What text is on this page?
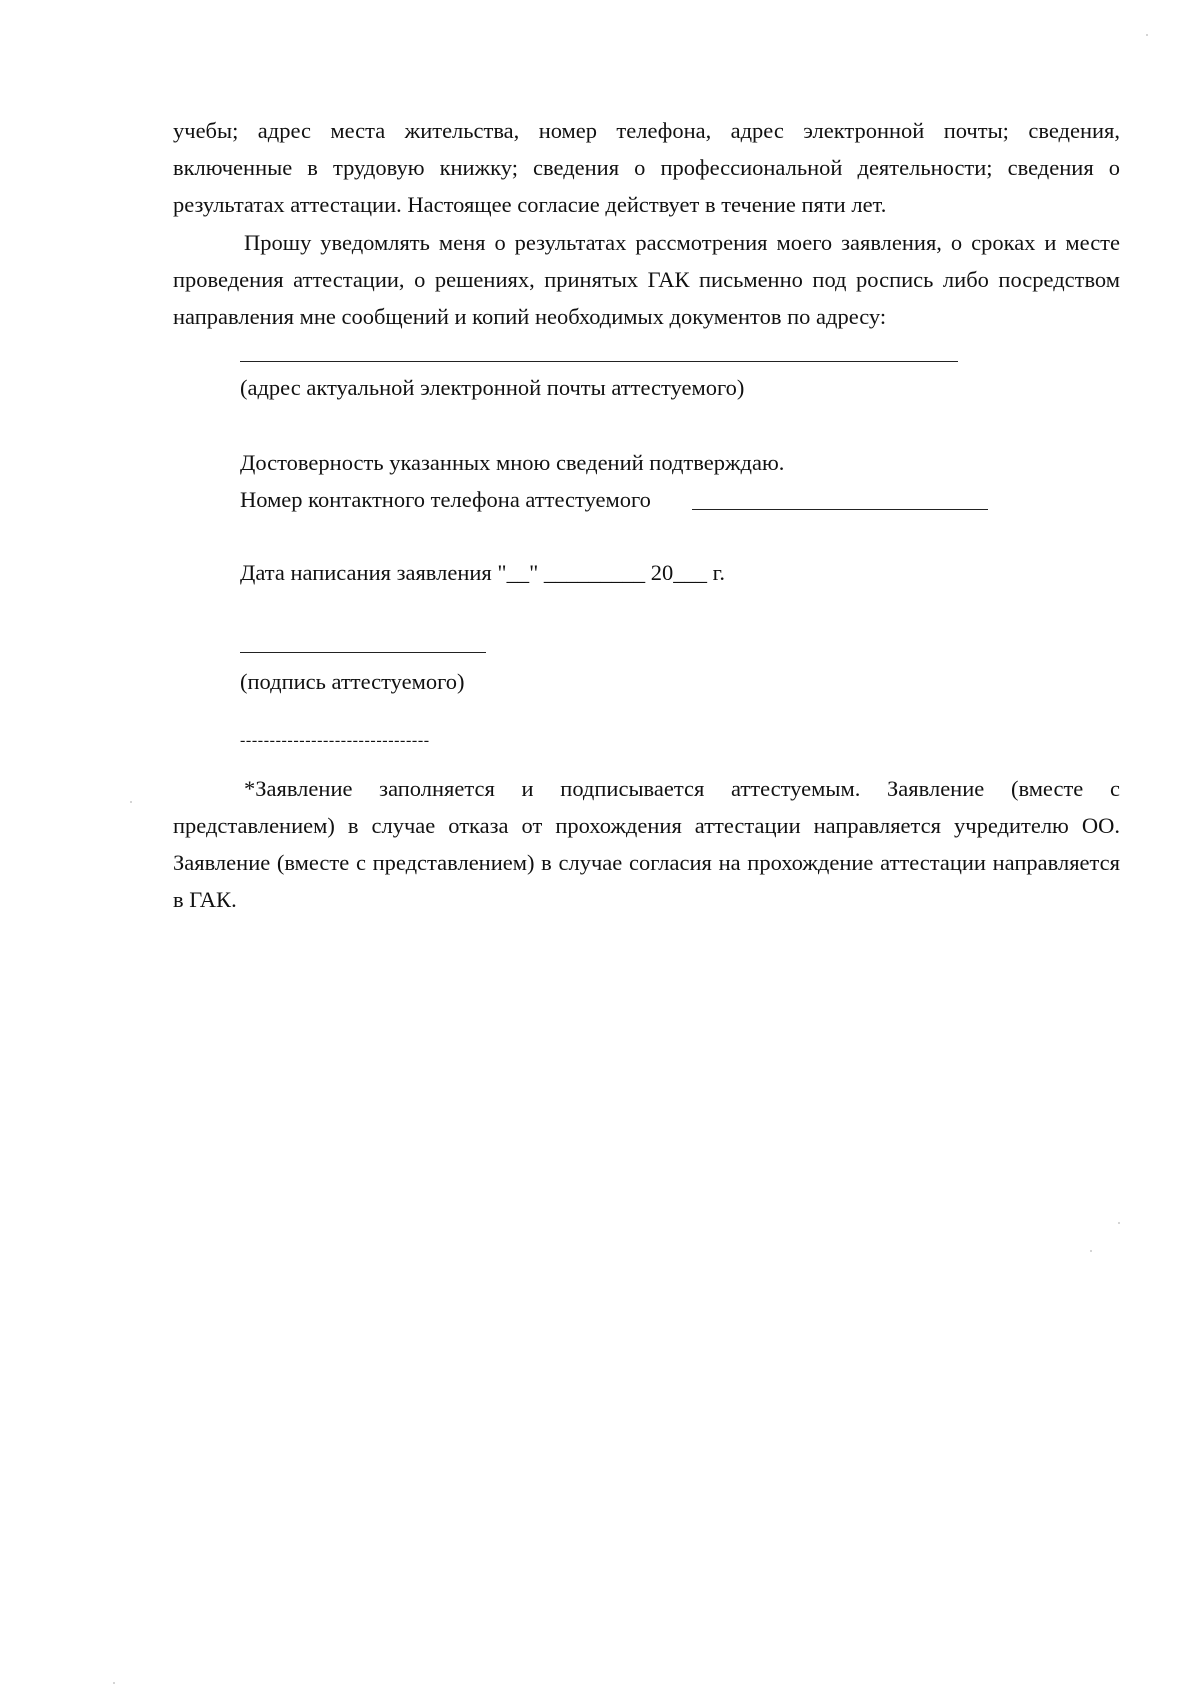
учебы; адрес места жительства, номер телефона, адрес электронной почты; сведения, включенные в трудовую книжку; сведения о профессиональной деятельности; сведения о результатах аттестации. Настоящее согласие действует в течение пяти лет.
Прошу уведомлять меня о результатах рассмотрения моего заявления, о сроках и месте проведения аттестации, о решениях, принятых ГАК письменно под роспись либо посредством направления мне сообщений и копий необходимых документов по адресу:
(адрес актуальной электронной почты аттестуемого)
Достоверность указанных мною сведений подтверждаю.
Номер контактного телефона аттестуемого
Дата написания заявления "__" _________ 20___ г.
(подпись аттестуемого)
--------------------------------
*Заявление заполняется и подписывается аттестуемым. Заявление (вместе с представлением) в случае отказа от прохождения аттестации направляется учредителю ОО. Заявление (вместе с представлением) в случае согласия на прохождение аттестации направляется в ГАК.
